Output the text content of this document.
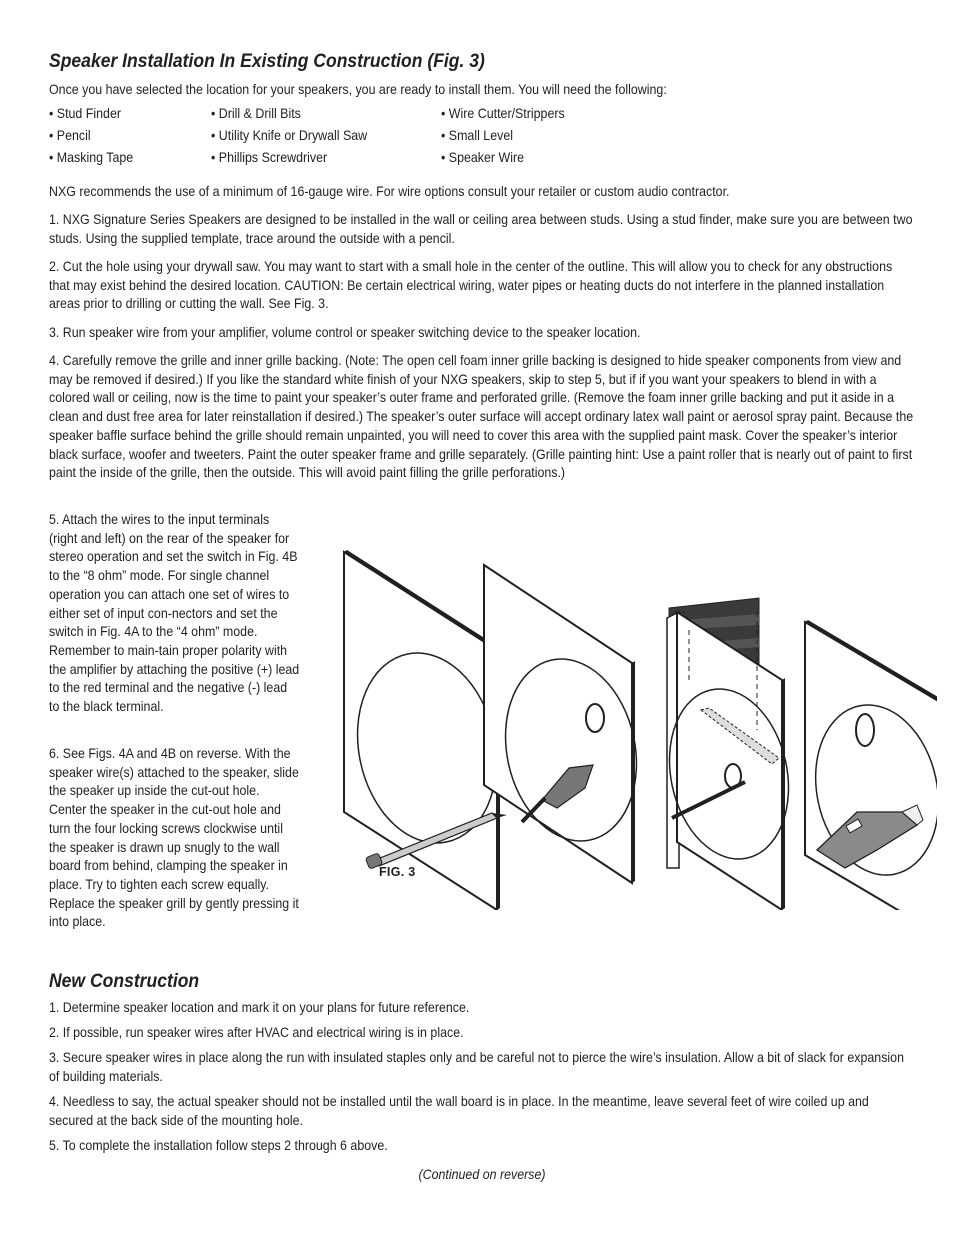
Speaker Installation In Existing Construction (Fig. 3)

Once you have selected the location for your speakers, you are ready to install them. You will need the following:

• Stud Finder	• Drill & Drill Bits	• Wire Cutter/Strippers
• Pencil	• Utility Knife or Drywall Saw	• Small Level
• Masking Tape	• Phillips Screwdriver	• Speaker Wire

NXG recommends the use of a minimum of 16-gauge wire. For wire options consult your retailer or custom audio contractor.

1. NXG Signature Series Speakers are designed to be installed in the wall or ceiling area between studs. Using a stud finder, make sure you are between two studs. Using the supplied template, trace around the outside with a pencil.

2. Cut the hole using your drywall saw. You may want to start with a small hole in the center of the outline. This will allow you to check for any obstructions that may exist behind the desired location. CAUTION: Be certain electrical wiring, water pipes or heating ducts do not interfere in the planned installation areas prior to drilling or cutting the wall. See Fig. 3.

3. Run speaker wire from your amplifier, volume control or speaker switching device to the speaker location.

4. Carefully remove the grille and inner grille backing. (Note: The open cell foam inner grille backing is designed to hide speaker components from view and may be removed if desired.) If you like the standard white finish of your NXG speakers, skip to step 5, but if if you want your speakers to blend in with a colored wall or ceiling, now is the time to paint your speaker’s outer frame and perforated grille. (Remove the foam inner grille backing and put it aside in a clean and dust free area for later reinstallation if desired.) The speaker’s outer surface will accept ordinary latex wall paint or aerosol spray paint. Because the speaker baffle surface behind the grille should remain unpainted, you will need to cover this area with the supplied paint mask. Cover the speaker’s interior black surface, woofer and tweeters. Paint the outer speaker frame and grille separately. (Grille painting hint: Use a paint roller that is nearly out of paint to first paint the inside of the grille, then the outside. This will avoid paint filling the grille perforations.)

5. Attach the wires to the input terminals (right and left) on the rear of the speaker for stereo operation and set the switch in Fig. 4B to the “8 ohm” mode. For single channel operation you can attach one set of wires to either set of input con-nectors and set the switch in Fig. 4A to the “4 ohm” mode. Remember to main-tain proper polarity with the amplifier by attaching the positive (+) lead to the red terminal and the negative (-) lead to the black terminal.

6. See Figs. 4A and 4B on reverse. With the speaker wire(s) attached to the speaker, slide the speaker up inside the cut-out hole. Center the speaker in the cut-out hole and turn the four locking screws clockwise until the speaker is drawn up snugly to the wall board from behind, clamping the speaker in place. Try to tighten each screw equally. Replace the speaker grill by gently pressing it into place.

FIG. 3
New Construction

1. Determine speaker location and mark it on your plans for future reference.

2. If possible, run speaker wires after HVAC and electrical wiring is in place.

3. Secure speaker wires in place along the run with insulated staples only and be careful not to pierce the wire’s insulation. Allow a bit of slack for expansion of building materials.

4. Needless to say, the actual speaker should not be installed until the wall board is in place. In the meantime, leave several feet of wire coiled up and secured at the back side of the mounting hole.

5. To complete the installation follow steps 2 through 6 above.

(Continued on reverse)
